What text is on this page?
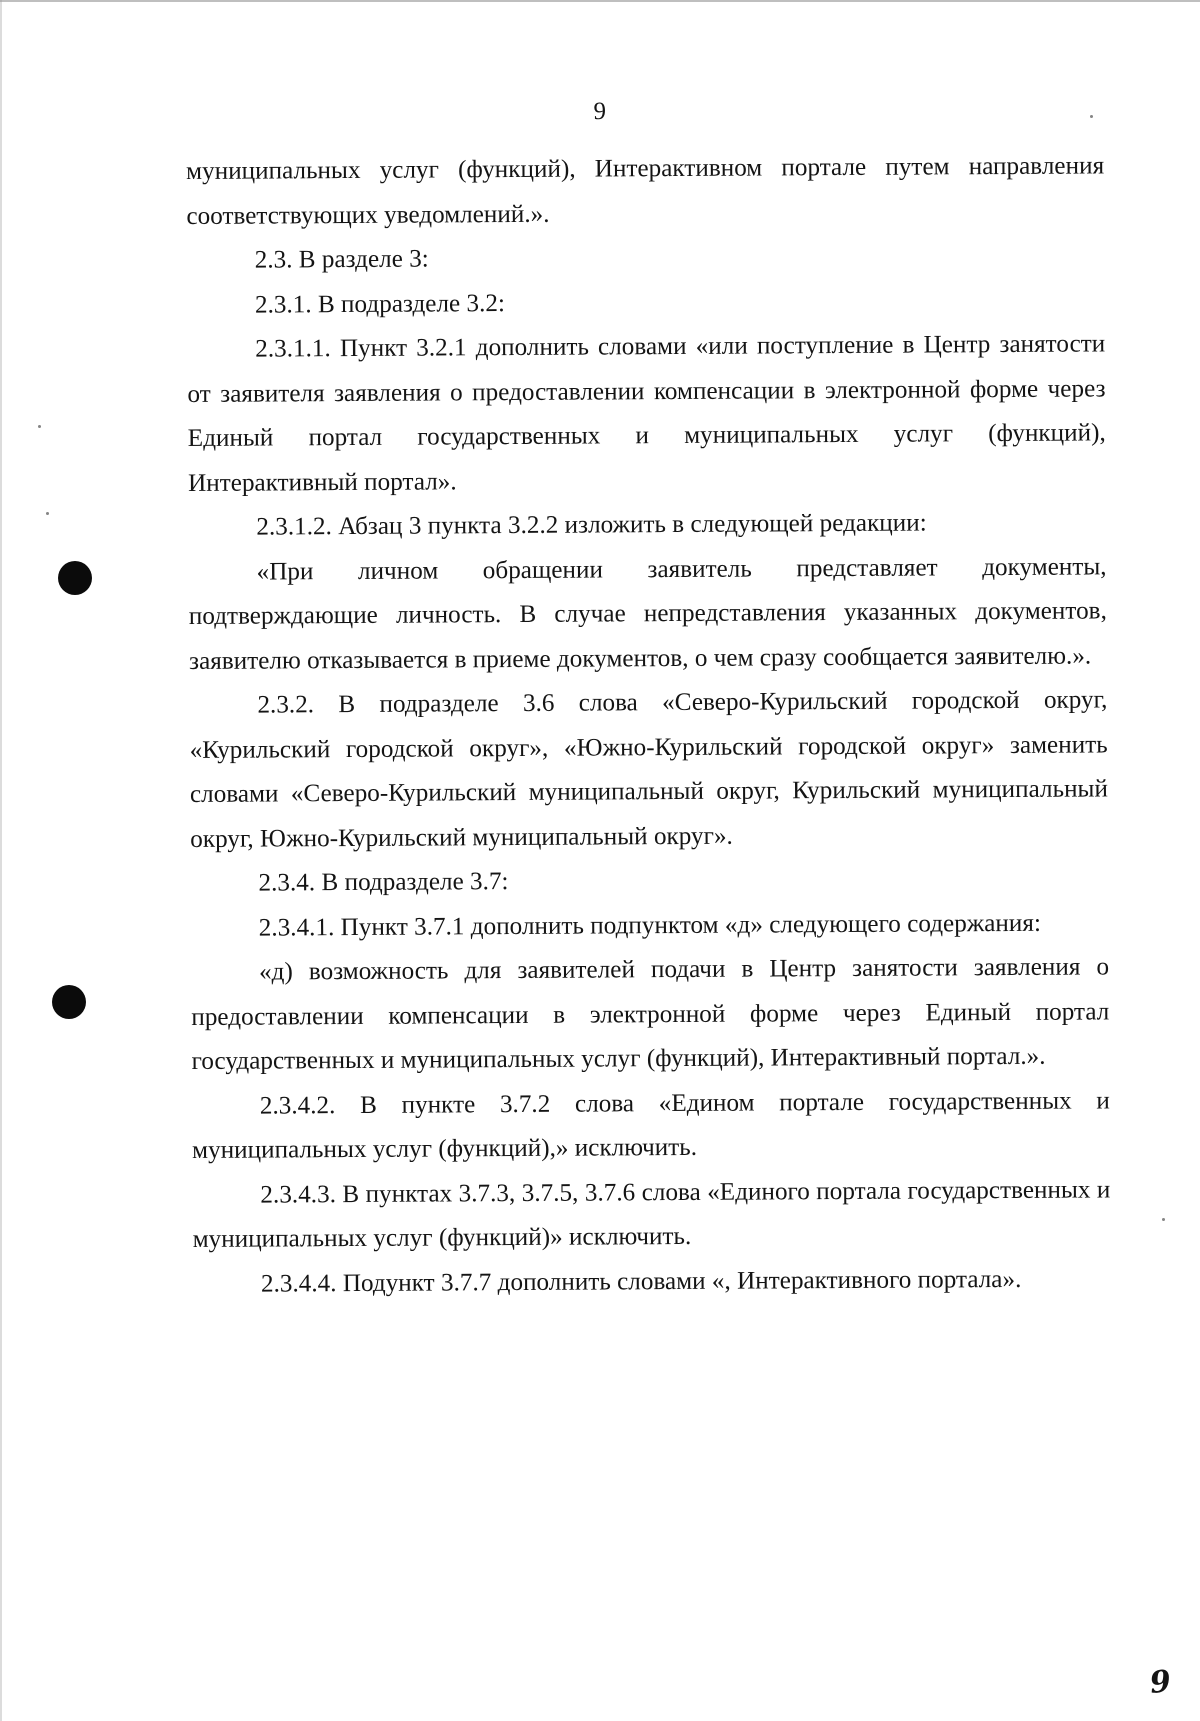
9

муниципальных услуг (функций), Интерактивном портале путем направления соответствующих уведомлений.».

2.3. В разделе 3:

2.3.1. В подразделе 3.2:

2.3.1.1. Пункт 3.2.1 дополнить словами «или поступление в Центр занятости от заявителя заявления о предоставлении компенсации в электронной форме через Единый портал государственных и муниципальных услуг (функций), Интерактивный портал».

2.3.1.2. Абзац 3 пункта 3.2.2 изложить в следующей редакции:

«При личном обращении заявитель представляет документы, подтверждающие личность. В случае непредставления указанных документов, заявителю отказывается в приеме документов, о чем сразу сообщается заявителю.».

2.3.2. В подразделе 3.6 слова «Северо-Курильский городской округ, «Курильский городской округ», «Южно-Курильский городской округ» заменить словами «Северо-Курильский муниципальный округ, Курильский муниципальный округ, Южно-Курильский муниципальный округ».

2.3.4. В подразделе 3.7:

2.3.4.1. Пункт 3.7.1 дополнить подпунктом «д» следующего содержания:

«д) возможность для заявителей подачи в Центр занятости заявления о предоставлении компенсации в электронной форме через Единый портал государственных и муниципальных услуг (функций), Интерактивный портал.».

2.3.4.2. В пункте 3.7.2 слова «Едином портале государственных и муниципальных услуг (функций),» исключить.

2.3.4.3. В пунктах 3.7.3, 3.7.5, 3.7.6 слова «Единого портала государственных и муниципальных услуг (функций)» исключить.

2.3.4.4. Подункт 3.7.7 дополнить словами «, Интерактивного портала».

9
